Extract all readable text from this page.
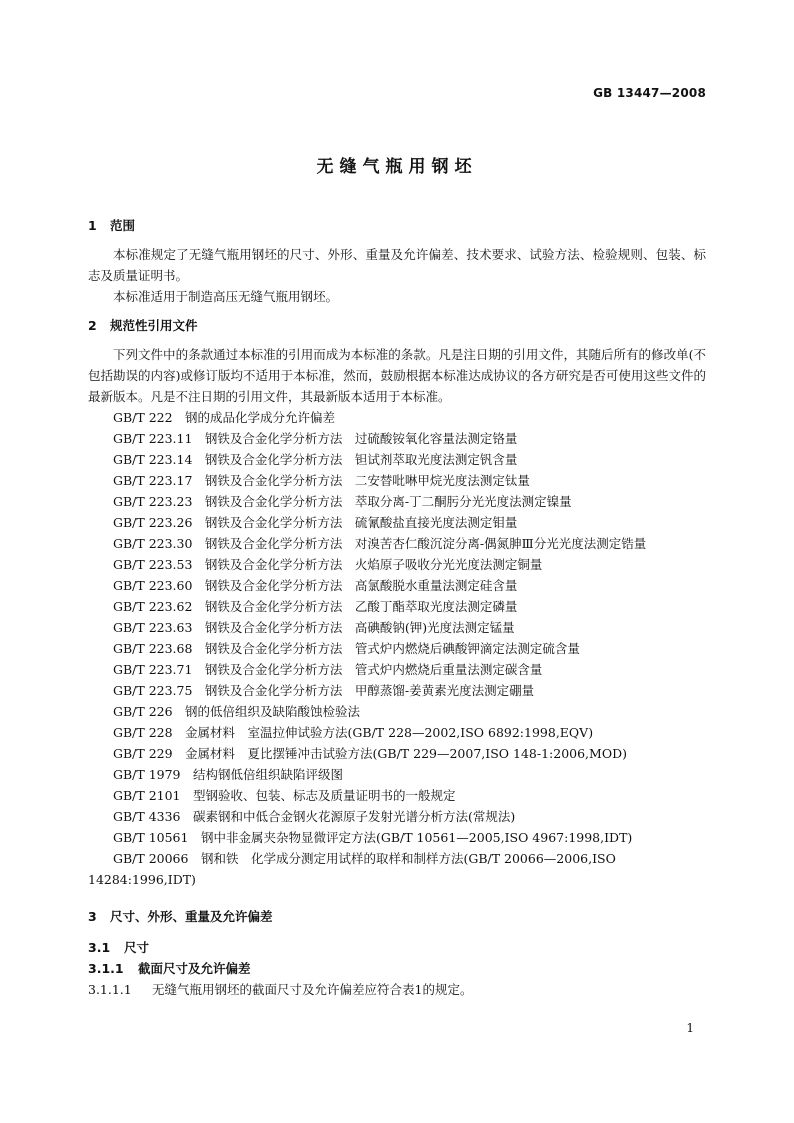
GB 13447—2008
无缝气瓶用钢坯
1 范围
本标准规定了无缝气瓶用钢坯的尺寸、外形、重量及允许偏差、技术要求、试验方法、检验规则、包装、标志及质量证明书。
本标准适用于制造高压无缝气瓶用钢坯。
2 规范性引用文件
下列文件中的条款通过本标准的引用而成为本标准的条款。凡是注日期的引用文件，其随后所有的修改单(不包括勘误的内容)或修订版均不适用于本标准，然而，鼓励根据本标准达成协议的各方研究是否可使用这些文件的最新版本。凡是不注日期的引用文件，其最新版本适用于本标准。
GB/T 222　钢的成品化学成分允许偏差
GB/T 223.11　钢铁及合金化学分析方法　过硫酸铵氧化容量法测定铬量
GB/T 223.14　钢铁及合金化学分析方法　钽试剂萃取光度法测定钒含量
GB/T 223.17　钢铁及合金化学分析方法　二安替吡啉甲烷光度法测定钛量
GB/T 223.23　钢铁及合金化学分析方法　萃取分离-丁二酮肟分光光度法测定镍量
GB/T 223.26　钢铁及合金化学分析方法　硫氰酸盐直接光度法测定钼量
GB/T 223.30　钢铁及合金化学分析方法　对溴苦杏仁酸沉淀分离-偶氮胂Ⅲ分光光度法测定锆量
GB/T 223.53　钢铁及合金化学分析方法　火焰原子吸收分光光度法测定铜量
GB/T 223.60　钢铁及合金化学分析方法　高氯酸脱水重量法测定硅含量
GB/T 223.62　钢铁及合金化学分析方法　乙酸丁酯萃取光度法测定磷量
GB/T 223.63　钢铁及合金化学分析方法　高碘酸钠(钾)光度法测定锰量
GB/T 223.68　钢铁及合金化学分析方法　管式炉内燃烧后碘酸钾滴定法测定硫含量
GB/T 223.71　钢铁及合金化学分析方法　管式炉内燃烧后重量法测定碳含量
GB/T 223.75　钢铁及合金化学分析方法　甲醇蒸馏-姜黄素光度法测定硼量
GB/T 226　钢的低倍组织及缺陷酸蚀检验法
GB/T 228　金属材料　室温拉伸试验方法(GB/T 228—2002,ISO 6892:1998,EQV)
GB/T 229　金属材料　夏比摆锤冲击试验方法(GB/T 229—2007,ISO 148-1:2006,MOD)
GB/T 1979　结构钢低倍组织缺陷评级图
GB/T 2101　型钢验收、包装、标志及质量证明书的一般规定
GB/T 4336　碳素钢和中低合金钢火花源原子发射光谱分析方法(常规法)
GB/T 10561　钢中非金属夹杂物显微评定方法(GB/T 10561—2005,ISO 4967:1998,IDT)
GB/T 20066　钢和铁　化学成分测定用试样的取样和制样方法(GB/T 20066—2006,ISO 14284:1996,IDT)
3 尺寸、外形、重量及允许偏差
3.1 尺寸
3.1.1 截面尺寸及允许偏差
3.1.1.1 无缝气瓶用钢坯的截面尺寸及允许偏差应符合表1的规定。
1
